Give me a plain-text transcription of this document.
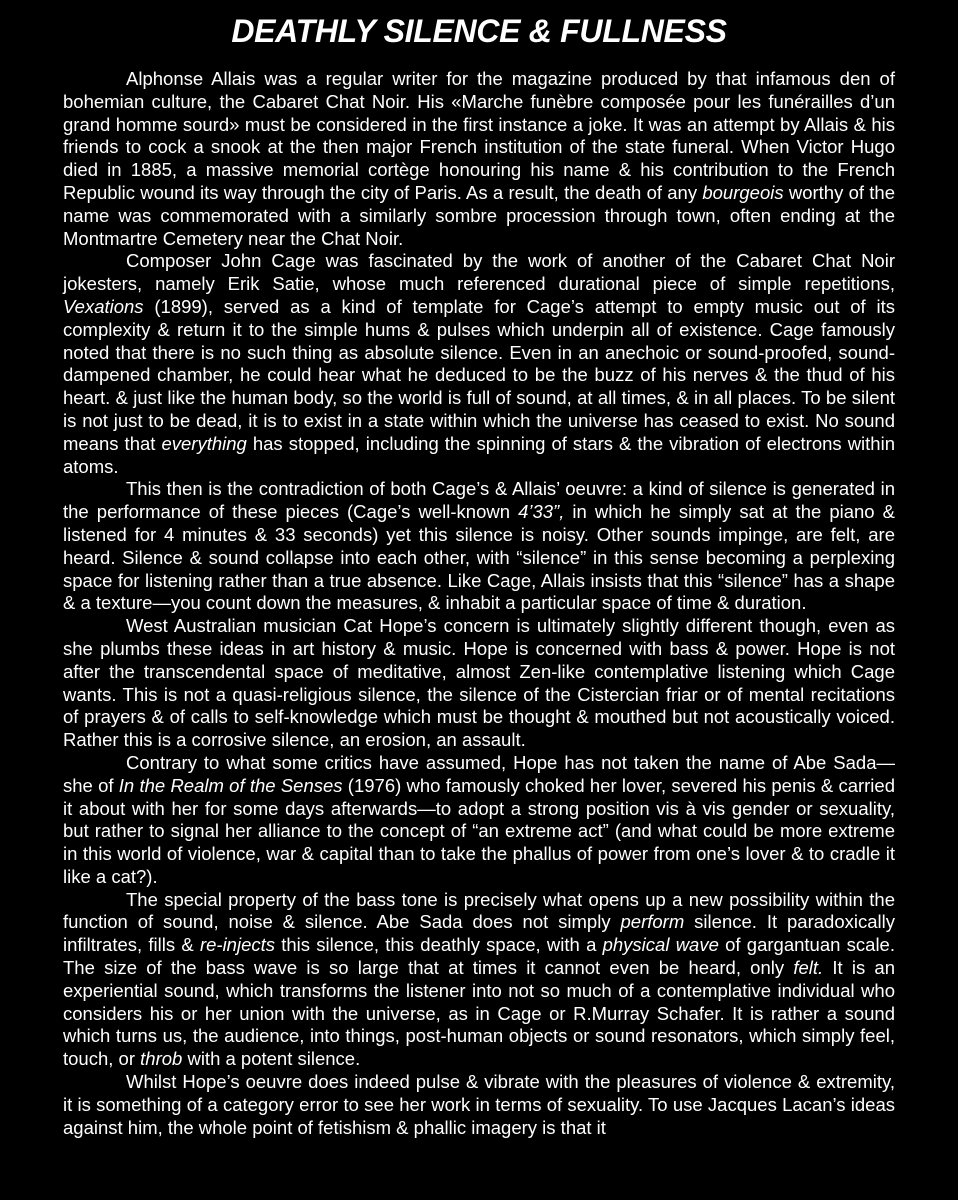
DEATHLY SILENCE & FULLNESS

Alphonse Allais was a regular writer for the magazine produced by that infamous den of bohemian culture, the Cabaret Chat Noir. His «Marche funèbre composée pour les funérailles d’un grand homme sourd» must be considered in the first instance a joke. It was an attempt by Allais & his friends to cock a snook at the then major French institution of the state funeral. When Victor Hugo died in 1885, a massive memorial cortège honouring his name & his contribution to the French Republic wound its way through the city of Paris. As a result, the death of any bourgeois worthy of the name was commemorated with a similarly sombre procession through town, often ending at the Montmartre Cemetery near the Chat Noir.

Composer John Cage was fascinated by the work of another of the Cabaret Chat Noir jokesters, namely Erik Satie, whose much referenced durational piece of simple repetitions, Vexations (1899), served as a kind of template for Cage’s attempt to empty music out of its complexity & return it to the simple hums & pulses which underpin all of existence. Cage famously noted that there is no such thing as absolute silence. Even in an anechoic or sound-proofed, sound-dampened chamber, he could hear what he deduced to be the buzz of his nerves & the thud of his heart. & just like the human body, so the world is full of sound, at all times, & in all places. To be silent is not just to be dead, it is to exist in a state within which the universe has ceased to exist. No sound means that everything has stopped, including the spinning of stars & the vibration of electrons within atoms.

This then is the contradiction of both Cage’s & Allais’ oeuvre: a kind of silence is generated in the performance of these pieces (Cage’s well-known 4’33”, in which he simply sat at the piano & listened for 4 minutes & 33 seconds) yet this silence is noisy. Other sounds impinge, are felt, are heard. Silence & sound collapse into each other, with “silence” in this sense becoming a perplexing space for listening rather than a true absence. Like Cage, Allais insists that this “silence” has a shape & a texture—you count down the measures, & inhabit a particular space of time & duration.

West Australian musician Cat Hope’s concern is ultimately slightly different though, even as she plumbs these ideas in art history & music. Hope is concerned with bass & power. Hope is not after the transcendental space of meditative, almost Zen-like contemplative listening which Cage wants. This is not a quasi-religious silence, the silence of the Cistercian friar or of mental recitations of prayers & of calls to self-knowledge which must be thought & mouthed but not acoustically voiced. Rather this is a corrosive silence, an erosion, an assault.

Contrary to what some critics have assumed, Hope has not taken the name of Abe Sada—she of In the Realm of the Senses (1976) who famously choked her lover, severed his penis & carried it about with her for some days afterwards—to adopt a strong position vis à vis gender or sexuality, but rather to signal her alliance to the concept of “an extreme act” (and what could be more extreme in this world of violence, war & capital than to take the phallus of power from one’s lover & to cradle it like a cat?).

The special property of the bass tone is precisely what opens up a new possibility within the function of sound, noise & silence. Abe Sada does not simply perform silence. It paradoxically infiltrates, fills & re-injects this silence, this deathly space, with a physical wave of gargantuan scale. The size of the bass wave is so large that at times it cannot even be heard, only felt. It is an experiential sound, which transforms the listener into not so much of a contemplative individual who considers his or her union with the universe, as in Cage or R.Murray Schafer. It is rather a sound which turns us, the audience, into things, post-human objects or sound resonators, which simply feel, touch, or throb with a potent silence.

Whilst Hope’s oeuvre does indeed pulse & vibrate with the pleasures of violence & extremity, it is something of a category error to see her work in terms of sexuality. To use Jacques Lacan’s ideas against him, the whole point of fetishism & phallic imagery is that it
